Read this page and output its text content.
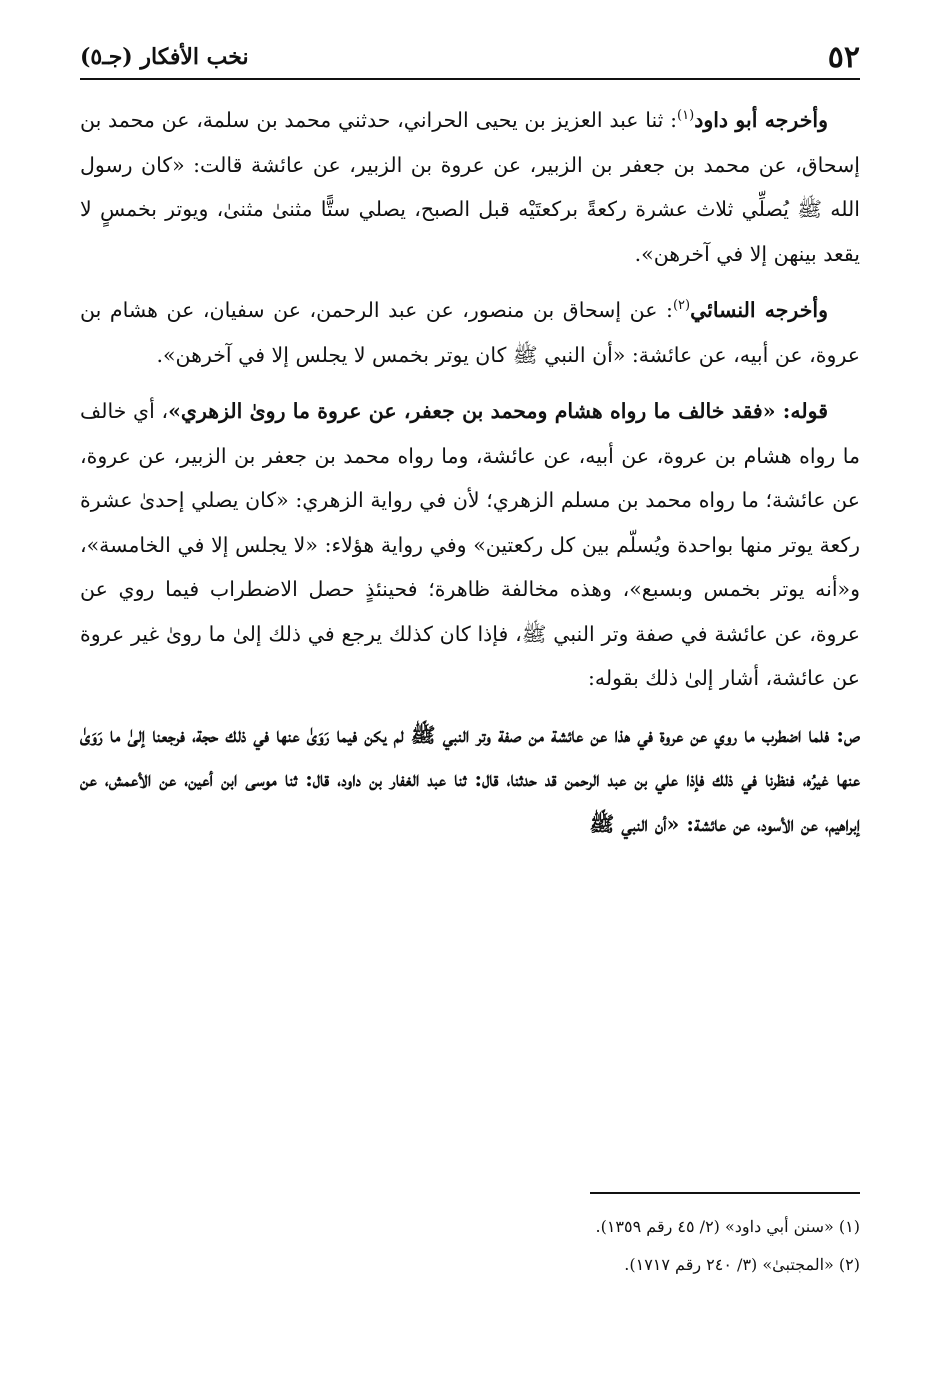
٥٢
نخب الأفكار (جـ٥)

وأخرجه أبو داود$^{(١)}$: ثنا عبد العزيز بن يحيى الحراني، حدثني محمد بن سلمة، عن محمد بن إسحاق، عن محمد بن جعفر بن الزبير، عن عروة بن الزبير، عن عائشة قالت: «كان رسول الله ﷺ يُصلِّي ثلاث عشرة ركعةً بركعتَيْه قبل الصبح، يصلي ستًّا مثنىٰ مثنىٰ، ويوتر بخمسٍ لا يقعد بينهن إلا في آخرهن».

وأخرجه النسائي$^{(٢)}$: عن إسحاق بن منصور، عن عبد الرحمن، عن سفيان، عن هشام بن عروة، عن أبيه، عن عائشة: «أن النبي ﷺ كان يوتر بخمس لا يجلس إلا في آخرهن».

قوله: «فقد خالف ما رواه هشام ومحمد بن جعفر، عن عروة ما روىٰ الزهري»، أي خالف ما رواه هشام بن عروة، عن أبيه، عن عائشة، وما رواه محمد بن جعفر بن الزبير، عن عروة، عن عائشة؛ ما رواه محمد بن مسلم الزهري؛ لأن في رواية الزهري: «كان يصلي إحدىٰ عشرة ركعة يوتر منها بواحدة ويُسلّم بين كل ركعتين» وفي رواية هؤلاء: «لا يجلس إلا في الخامسة»، و«أنه يوتر بخمس وبسبع»، وهذه مخالفة ظاهرة؛ فحينئذٍ حصل الاضطراب فيما روي عن عروة، عن عائشة في صفة وتر النبي ﷺ، فإذا كان كذلك يرجع في ذلك إلىٰ ما روىٰ غير عروة عن عائشة، أشار إلىٰ ذلك بقوله:

ص: فلما اضطرب ما روي عن عروة في هذا عن عائشة من صفة وتر النبي ﷺ لم يكن فيما رَوَىٰ عنها في ذلك حجة، فرجعنا إلىٰ ما رَوَىٰ عنها غيرُه، فنظرنا في ذلك فإذا علي بن عبد الرحمن قد حدثنا، قال: ثنا عبد الغفار بن داود، قال: ثنا موسى ابن أعين، عن الأعمش، عن إبراهيم، عن الأسود، عن عائشة: «أن النبي ﷺ

(١) «سنن أبي داود» (٢/ ٤٥ رقم ١٣٥٩).

(٢) «المجتبىٰ» (٣/ ٢٤٠ رقم ١٧١٧).
